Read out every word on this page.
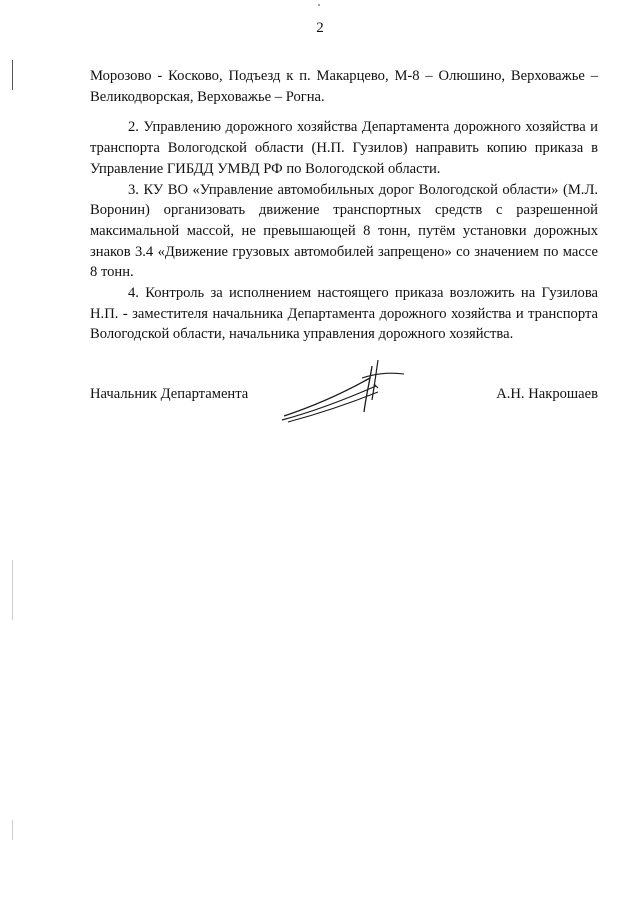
2

Морозово - Косково, Подъезд к п. Макарцево, М-8 – Олюшино, Верховажье – Великодворская, Верховажье – Рогна.

2. Управлению дорожного хозяйства Департамента дорожного хозяйства и транспорта Вологодской области (Н.П. Гузилов) направить копию приказа в Управление ГИБДД УМВД РФ по Вологодской области.

3. КУ ВО «Управление автомобильных дорог Вологодской области» (М.Л. Воронин) организовать движение транспортных средств с разрешенной максимальной массой, не превышающей 8 тонн, путём установки дорожных знаков 3.4 «Движение грузовых автомобилей запрещено» со значением по массе 8 тонн.

4. Контроль за исполнением настоящего приказа возложить на Гузилова Н.П. - заместителя начальника Департамента дорожного хозяйства и транспорта Вологодской области, начальника управления дорожного хозяйства.

Начальник Департамента	А.Н. Накрошаев
